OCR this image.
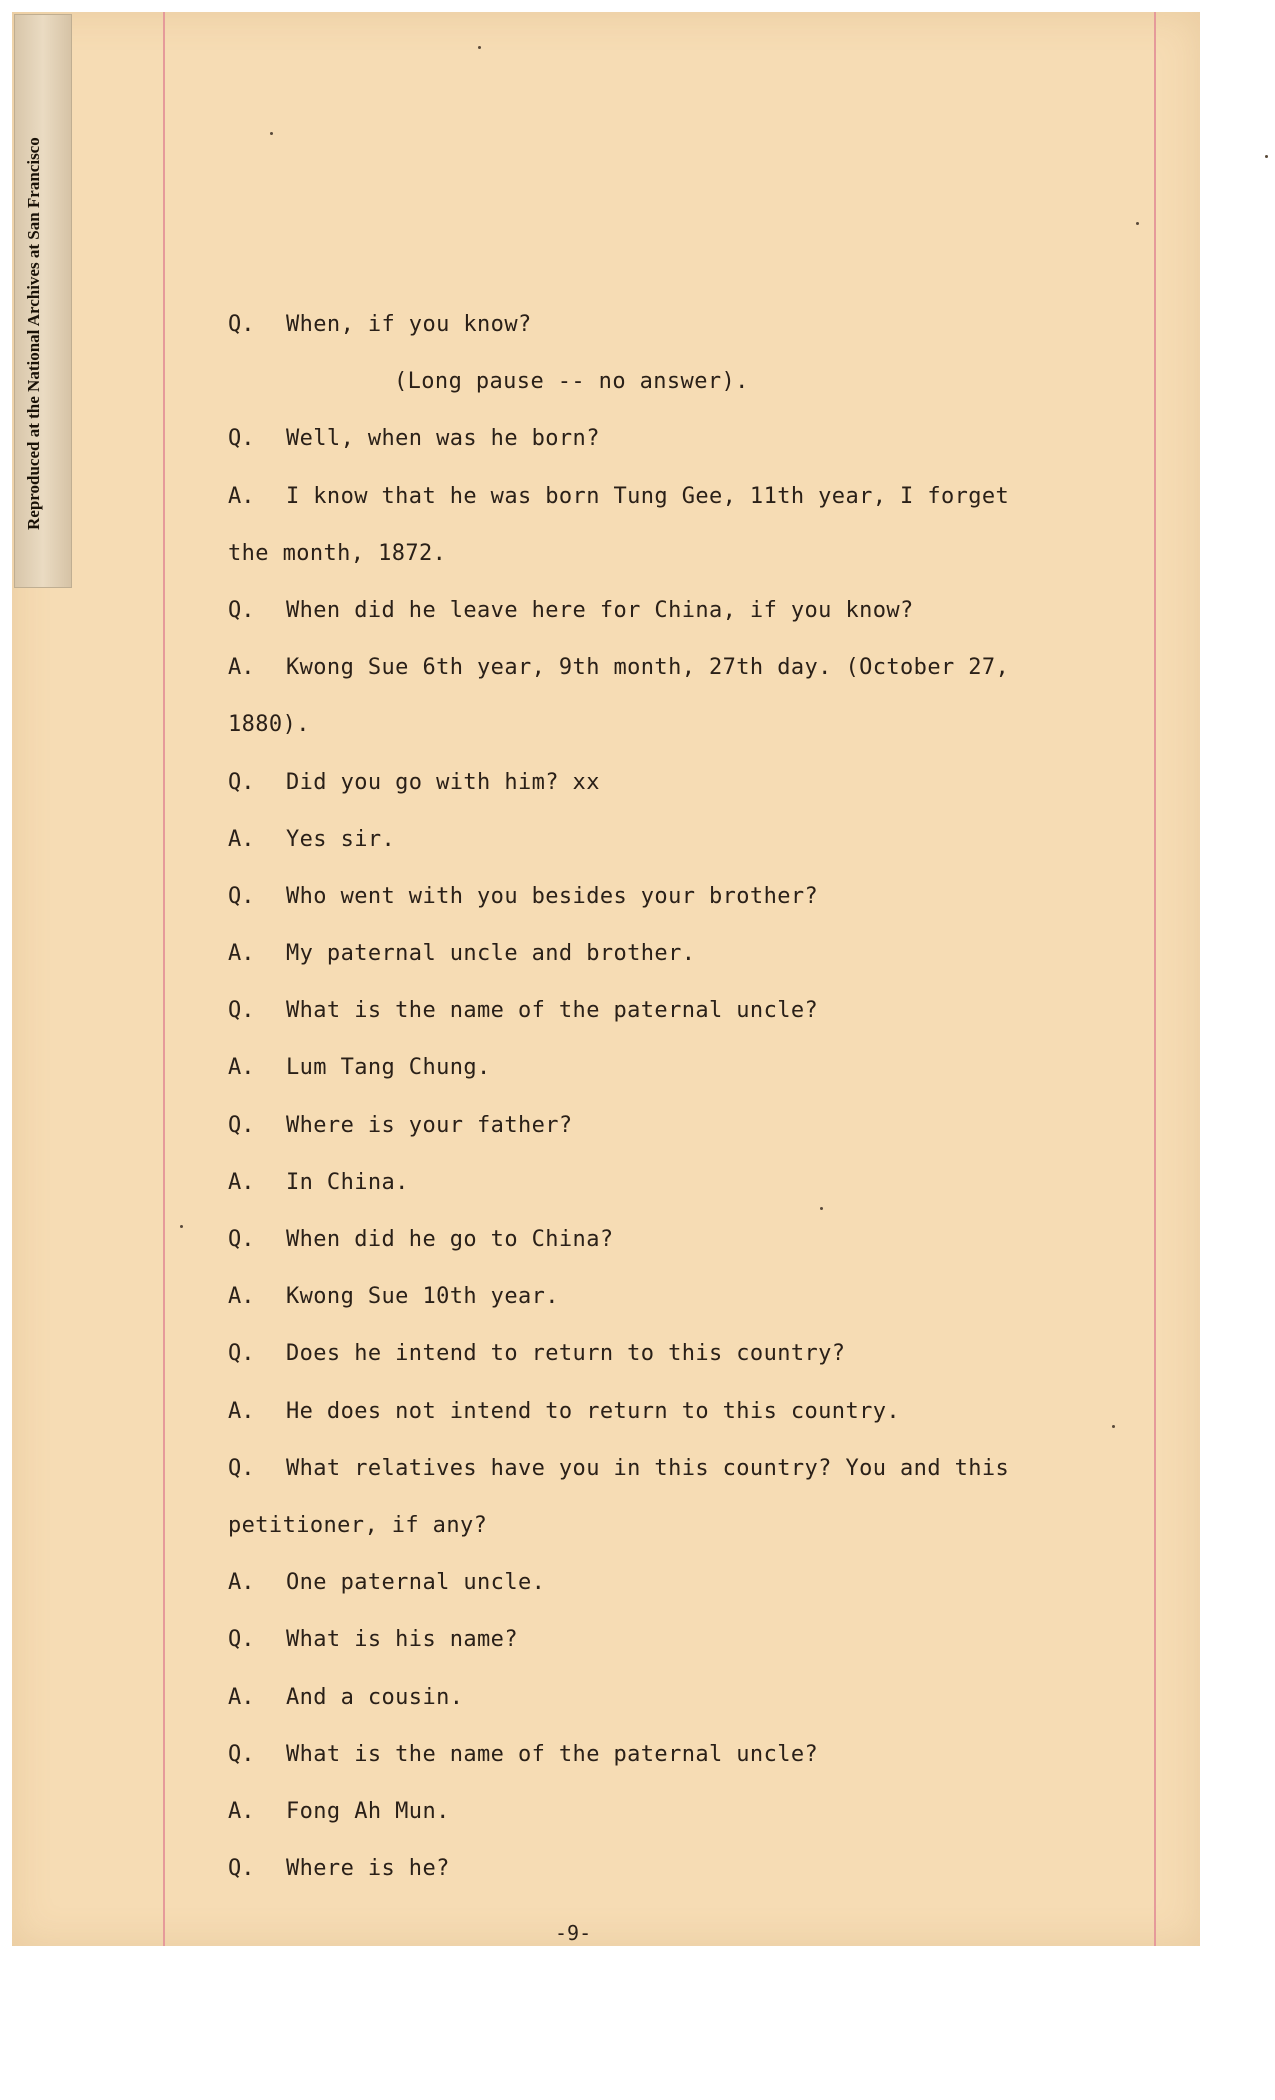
Reproduced at the National Archives at San Francisco	Q.	When, if you know?
(Long pause -- no answer).
Q.	Well, when was he born?
A.	I know that he was born Tung Gee, 11th year, I forget
the month, 1872.
Q.	When did he leave here for China, if you know?
A.	Kwong Sue 6th year, 9th month, 27th day. (October 27,
1880).
Q.	Did you go with him? xx
A.	Yes sir.
Q.	Who went with you besides your brother?
A.	My paternal uncle and brother.
Q.	What is the name of the paternal uncle?
A.	Lum Tang Chung.
Q.	Where is your father?
A.	In China.
Q.	When did he go to China?
A.	Kwong Sue 10th year.
Q.	Does he intend to return to this country?
A.	He does not intend to return to this country.
Q.	What relatives have you in this country? You and this
petitioner, if any?
A.	One paternal uncle.
Q.	What is his name?
A.	And a cousin.
Q.	What is the name of the paternal uncle?
A.	Fong Ah Mun.
Q.	Where is he?
-9-
